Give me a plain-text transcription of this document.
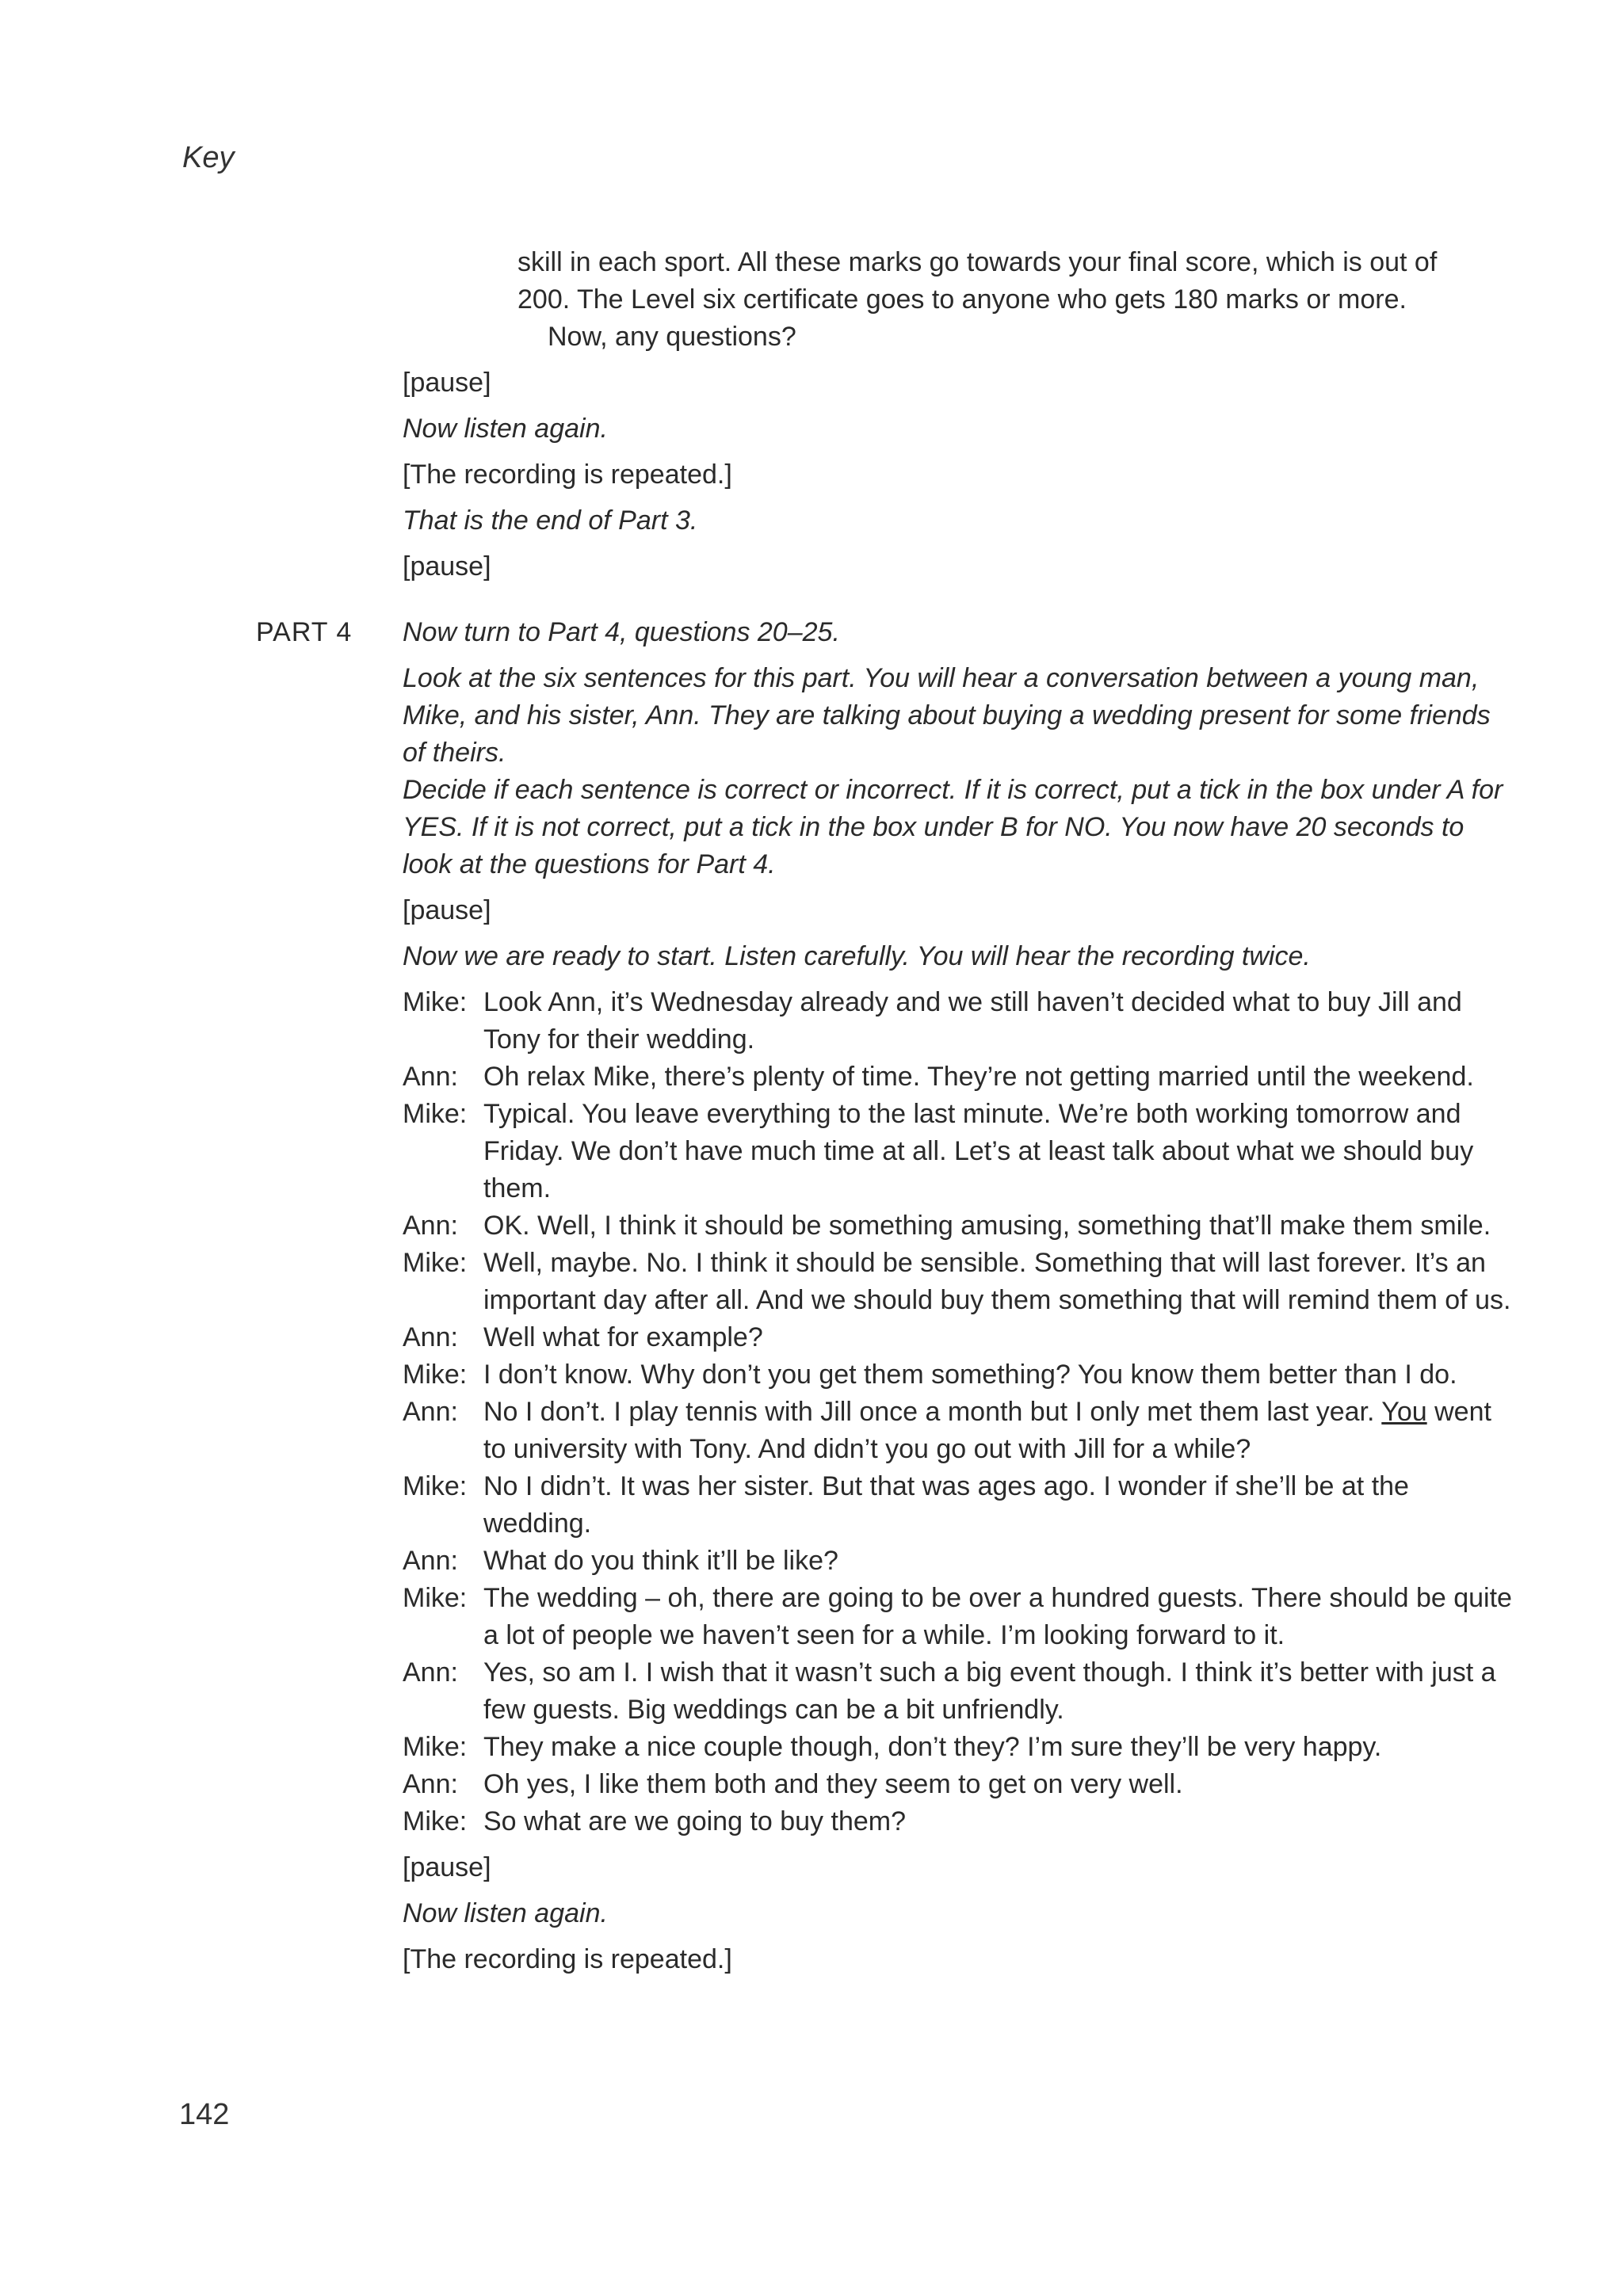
Key
skill in each sport. All these marks go towards your final score, which is out of
200. The Level six certificate goes to anyone who gets 180 marks or more.
Now, any questions?

[pause]

Now listen again.

[The recording is repeated.]

That is the end of Part 3.

[pause]

PART 4 Now turn to Part 4, questions 20–25.

Look at the six sentences for this part. You will hear a conversation between a young man, Mike, and his sister, Ann. They are talking about buying a wedding present for some friends of theirs.

Decide if each sentence is correct or incorrect. If it is correct, put a tick in the box under A for YES. If it is not correct, put a tick in the box under B for NO. You now have 20 seconds to look at the questions for Part 4.

[pause]

Now we are ready to start. Listen carefully. You will hear the recording twice.

Mike: Look Ann, it’s Wednesday already and we still haven’t decided what to buy Jill and Tony for their wedding.
Ann: Oh relax Mike, there’s plenty of time. They’re not getting married until the weekend.
Mike: Typical. You leave everything to the last minute. We’re both working tomorrow and Friday. We don’t have much time at all. Let’s at least talk about what we should buy them.
Ann: OK. Well, I think it should be something amusing, something that’ll make them smile.
Mike: Well, maybe. No. I think it should be sensible. Something that will last forever. It’s an important day after all. And we should buy them something that will remind them of us.
Ann: Well what for example?
Mike: I don’t know. Why don’t you get them something? You know them better than I do.
Ann: No I don’t. I play tennis with Jill once a month but I only met them last year. You went to university with Tony. And didn’t you go out with Jill for a while?
Mike: No I didn’t. It was her sister. But that was ages ago. I wonder if she’ll be at the wedding.
Ann: What do you think it’ll be like?
Mike: The wedding – oh, there are going to be over a hundred guests. There should be quite a lot of people we haven’t seen for a while. I’m looking forward to it.
Ann: Yes, so am I. I wish that it wasn’t such a big event though. I think it’s better with just a few guests. Big weddings can be a bit unfriendly.
Mike: They make a nice couple though, don’t they? I’m sure they’ll be very happy.
Ann: Oh yes, I like them both and they seem to get on very well.
Mike: So what are we going to buy them?

[pause]

Now listen again.

[The recording is repeated.]

142
